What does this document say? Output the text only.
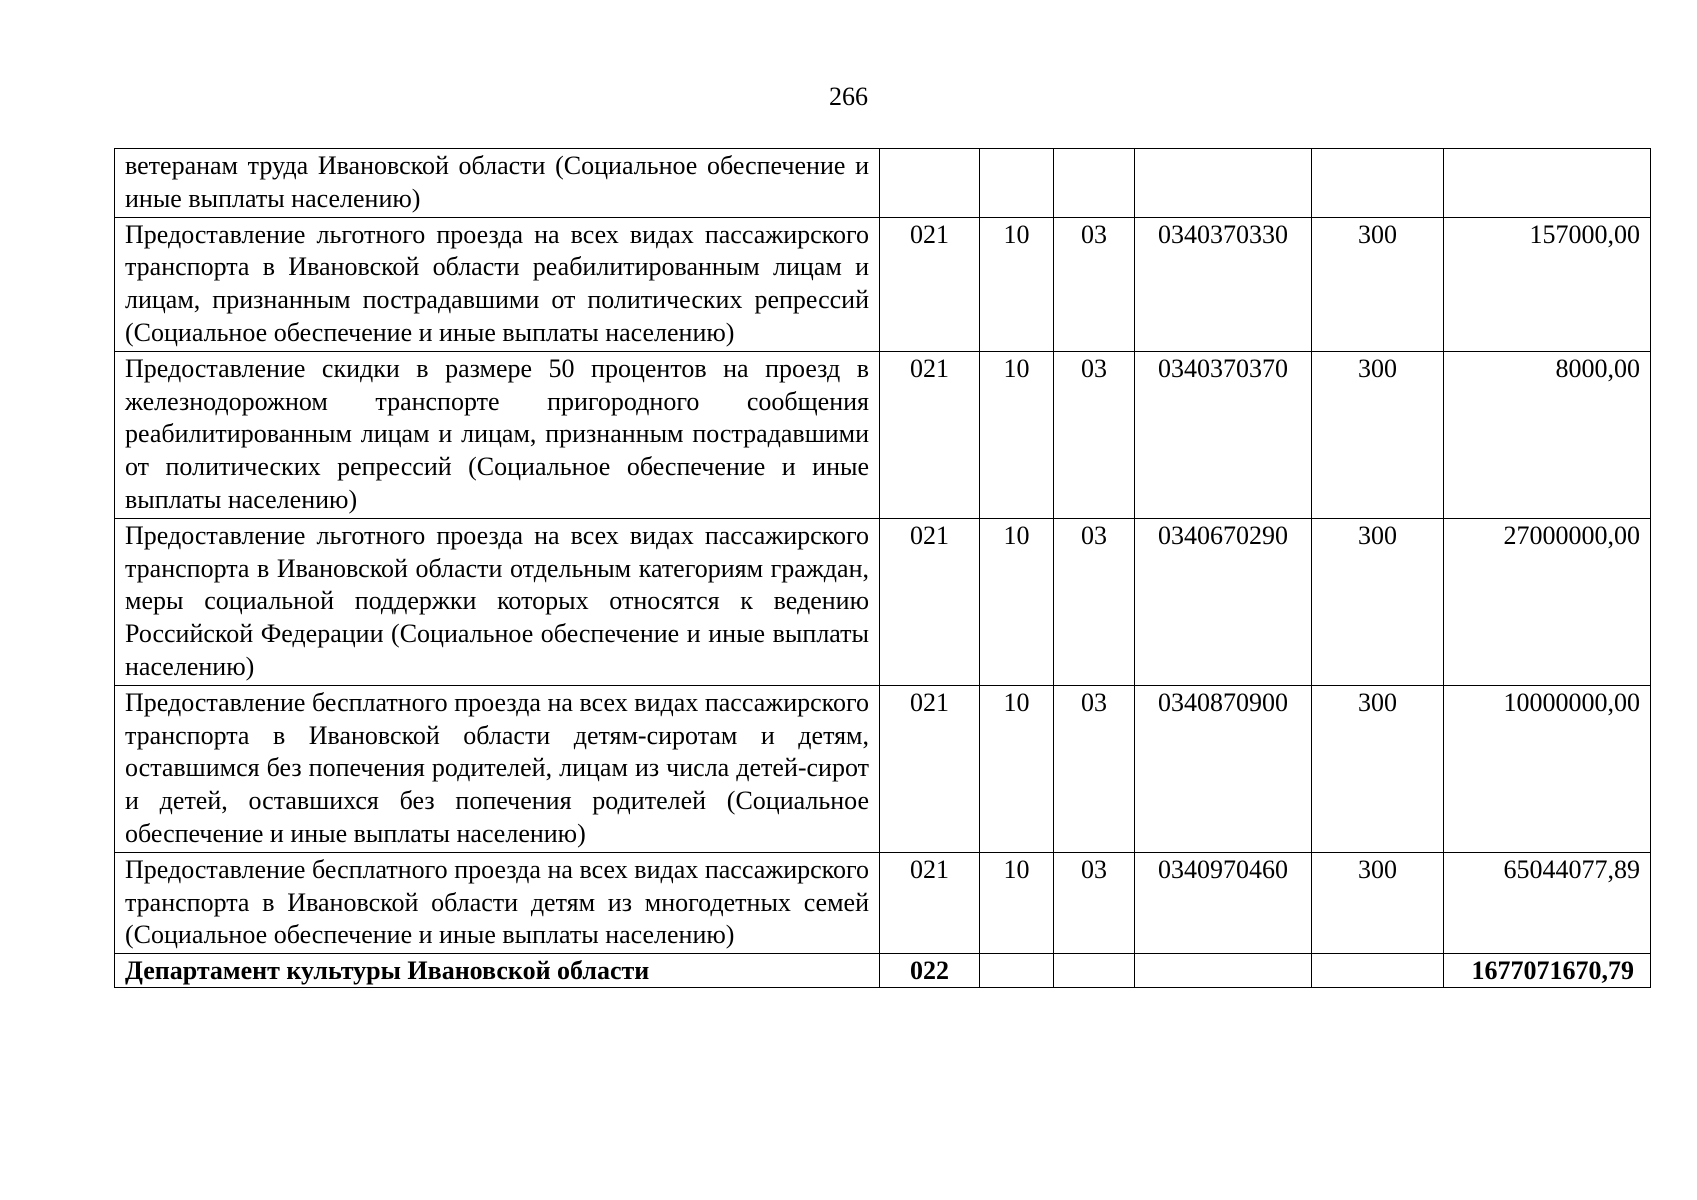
266
ветеранам труда Ивановской области (Социальное обеспечение и иные выплаты населению)						
Предоставление льготного проезда на всех видах пассажирского транспорта в Ивановской области реабилитированным лицам и лицам, признанным пострадавшими от политических репрессий (Социальное обеспечение и иные выплаты населению)	021	10	03	0340370330	300	157000,00
Предоставление скидки в размере 50 процентов на проезд в железнодорожном транспорте пригородного сообщения реабилитированным лицам и лицам, признанным пострадавшими от политических репрессий (Социальное обеспечение и иные выплаты населению)	021	10	03	0340370370	300	8000,00
Предоставление льготного проезда на всех видах пассажирского транспорта в Ивановской области отдельным категориям граждан, меры социальной поддержки которых относятся к ведению Российской Федерации (Социальное обеспечение и иные выплаты населению)	021	10	03	0340670290	300	27000000,00
Предоставление бесплатного проезда на всех видах пассажирского транспорта в Ивановской области детям-сиротам и детям, оставшимся без попечения родителей, лицам из числа детей-сирот и детей, оставшихся без попечения родителей (Социальное обеспечение и иные выплаты населению)	021	10	03	0340870900	300	10000000,00
Предоставление бесплатного проезда на всех видах пассажирского транспорта в Ивановской области детям из многодетных семей (Социальное обеспечение и иные выплаты населению)	021	10	03	0340970460	300	65044077,89
Департамент культуры Ивановской области	022					1677071670,79
